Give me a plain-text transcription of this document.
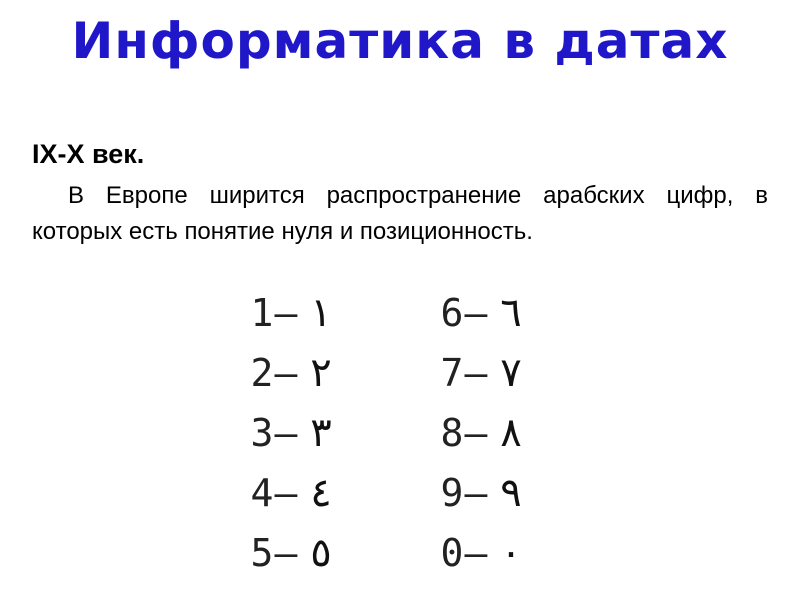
Информатика в датах
IX-X век.
В Европе ширится распространение арабских цифр, в которых есть понятие нуля и позиционность.
1 – ١
2 – ٢
3 – ٣
4 – ٤
5 – ٥
6 – ٦
7 – ٧
8 – ٨
9 – ٩
0 – ٠
